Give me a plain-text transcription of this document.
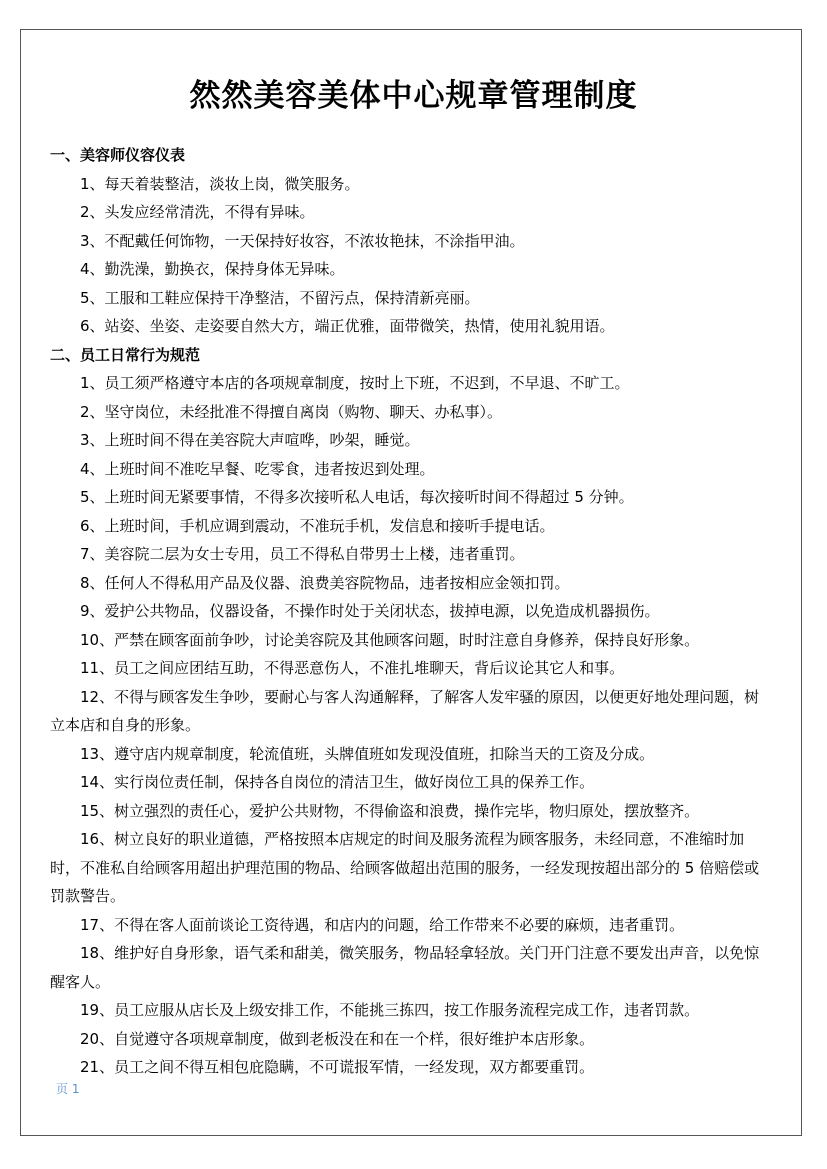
然然美容美体中心规章管理制度

一、美容师仪容仪表

1、每天着装整洁，淡妆上岗，微笑服务。

2、头发应经常清洗，不得有异味。

3、不配戴任何饰物，一天保持好妆容，不浓妆艳抹，不涂指甲油。

4、勤洗澡，勤换衣，保持身体无异味。

5、工服和工鞋应保持干净整洁，不留污点，保持清新亮丽。

6、站姿、坐姿、走姿要自然大方，端正优雅，面带微笑，热情，使用礼貌用语。

二、员工日常行为规范

1、员工须严格遵守本店的各项规章制度，按时上下班，不迟到，不早退、不旷工。

2、坚守岗位，未经批准不得擅自离岗（购物、聊天、办私事）。

3、上班时间不得在美容院大声喧哗，吵架，睡觉。

4、上班时间不准吃早餐、吃零食，违者按迟到处理。

5、上班时间无紧要事情，不得多次接听私人电话，每次接听时间不得超过 5 分钟。

6、上班时间，手机应调到震动，不准玩手机，发信息和接听手提电话。

7、美容院二层为女士专用，员工不得私自带男士上楼，违者重罚。

8、任何人不得私用产品及仪器、浪费美容院物品，违者按相应金领扣罚。

9、爱护公共物品，仪器设备，不操作时处于关闭状态，拔掉电源，以免造成机器损伤。

10、严禁在顾客面前争吵，讨论美容院及其他顾客问题，时时注意自身修养，保持良好形象。

11、员工之间应团结互助，不得恶意伤人，不准扎堆聊天，背后议论其它人和事。

12、不得与顾客发生争吵，要耐心与客人沟通解释，了解客人发牢骚的原因，以便更好地处理问题，树立本店和自身的形象。

13、遵守店内规章制度，轮流值班，头牌值班如发现没值班，扣除当天的工资及分成。

14、实行岗位责任制，保持各自岗位的清洁卫生，做好岗位工具的保养工作。

15、树立强烈的责任心，爱护公共财物，不得偷盗和浪费，操作完毕，物归原处，摆放整齐。

16、树立良好的职业道德，严格按照本店规定的时间及服务流程为顾客服务，未经同意，不准缩时加时，不准私自给顾客用超出护理范围的物品、给顾客做超出范围的服务，一经发现按超出部分的 5 倍赔偿或罚款警告。

17、不得在客人面前谈论工资待遇，和店内的问题，给工作带来不必要的麻烦，违者重罚。

18、维护好自身形象，语气柔和甜美，微笑服务，物品轻拿轻放。关门开门注意不要发出声音，以免惊醒客人。

19、员工应服从店长及上级安排工作，不能挑三拣四，按工作服务流程完成工作，违者罚款。

20、自觉遵守各项规章制度，做到老板没在和在一个样，很好维护本店形象。

21、员工之间不得互相包庇隐瞒，不可谎报军情，一经发现，双方都要重罚。

页 1
